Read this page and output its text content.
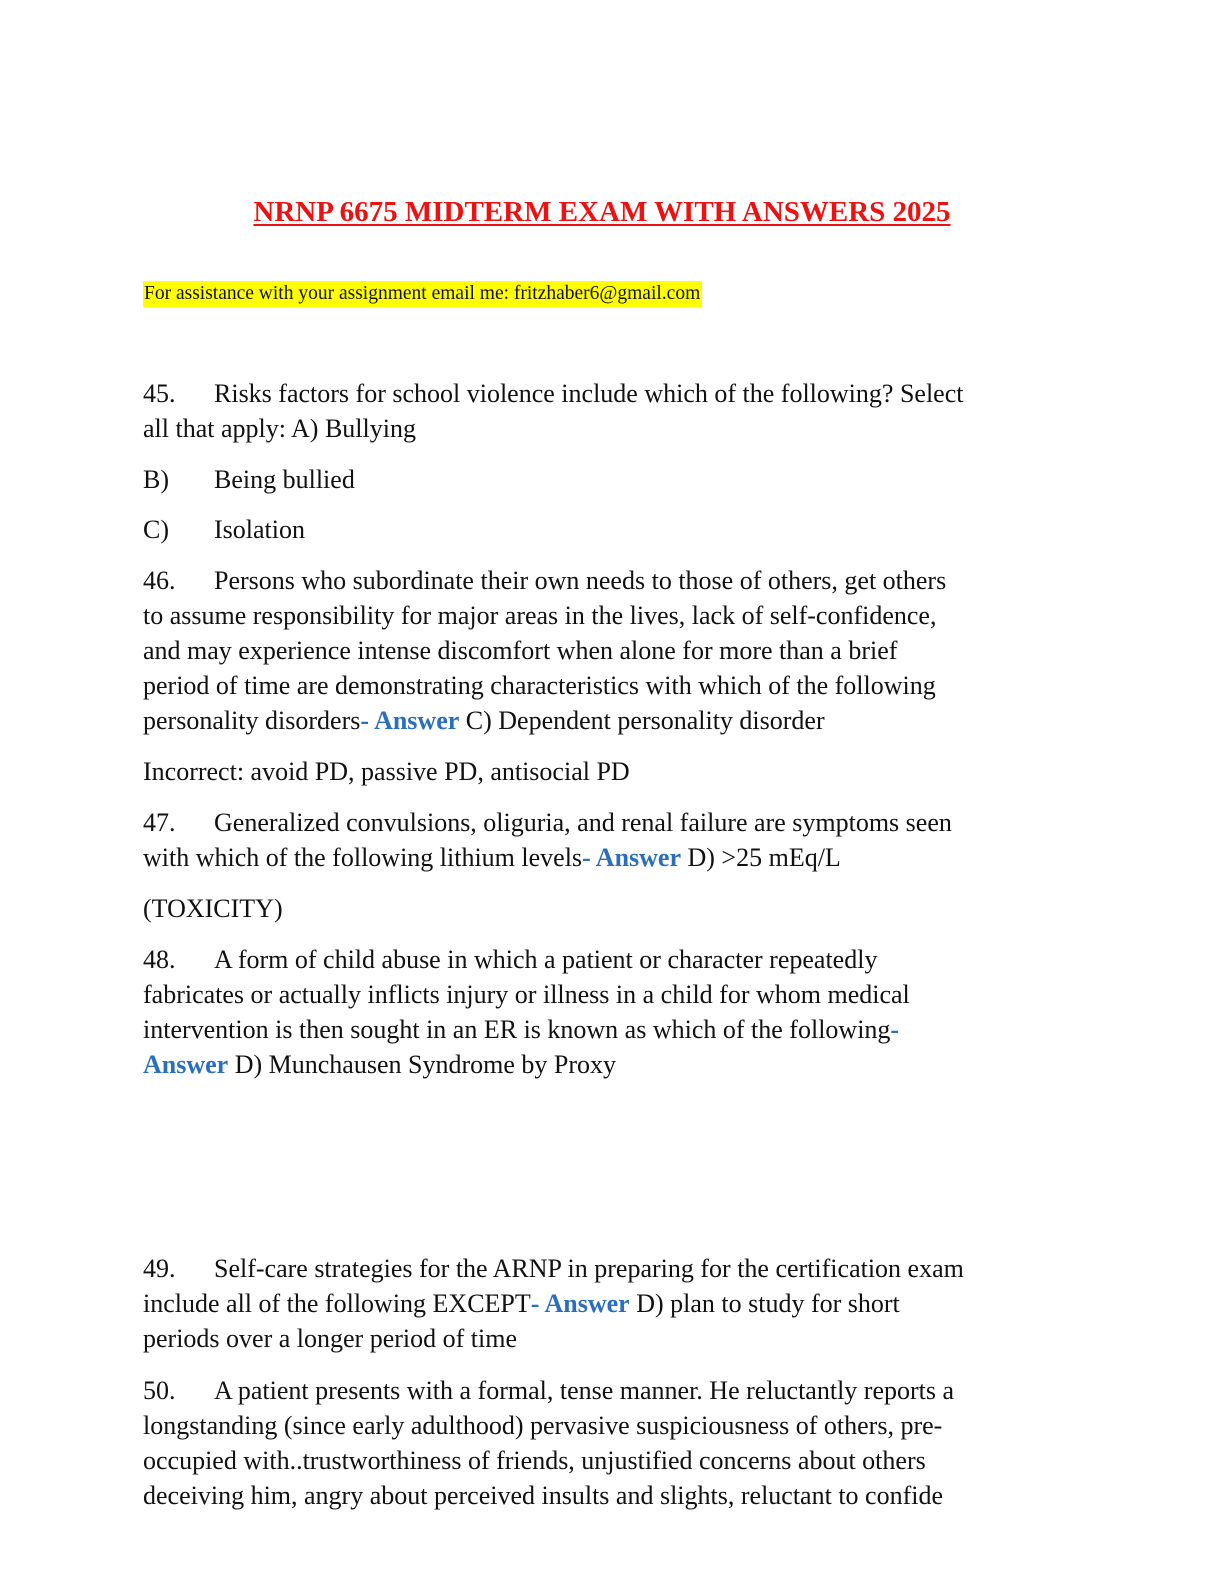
NRNP 6675 MIDTERM EXAM WITH ANSWERS 2025
For assistance with your assignment email me: fritzhaber6@gmail.com
45. Risks factors for school violence include which of the following? Select
all that apply: A) Bullying
B) Being bullied
C) Isolation
46. Persons who subordinate their own needs to those of others, get others
to assume responsibility for major areas in the lives, lack of self-confidence,
and may experience intense discomfort when alone for more than a brief
period of time are demonstrating characteristics with which of the following
personality disorders- Answer C) Dependent personality disorder
Incorrect: avoid PD, passive PD, antisocial PD
47. Generalized convulsions, oliguria, and renal failure are symptoms seen
with which of the following lithium levels- Answer D) >25 mEq/L
(TOXICITY)
48. A form of child abuse in which a patient or character repeatedly
fabricates or actually inflicts injury or illness in a child for whom medical
intervention is then sought in an ER is known as which of the following-
Answer D) Munchausen Syndrome by Proxy
49. Self-care strategies for the ARNP in preparing for the certification exam
include all of the following EXCEPT- Answer D) plan to study for short
periods over a longer period of time
50. A patient presents with a formal, tense manner. He reluctantly reports a
longstanding (since early adulthood) pervasive suspiciousness of others, pre-
occupied with..trustworthiness of friends, unjustified concerns about others
deceiving him, angry about perceived insults and slights, reluctant to confide
